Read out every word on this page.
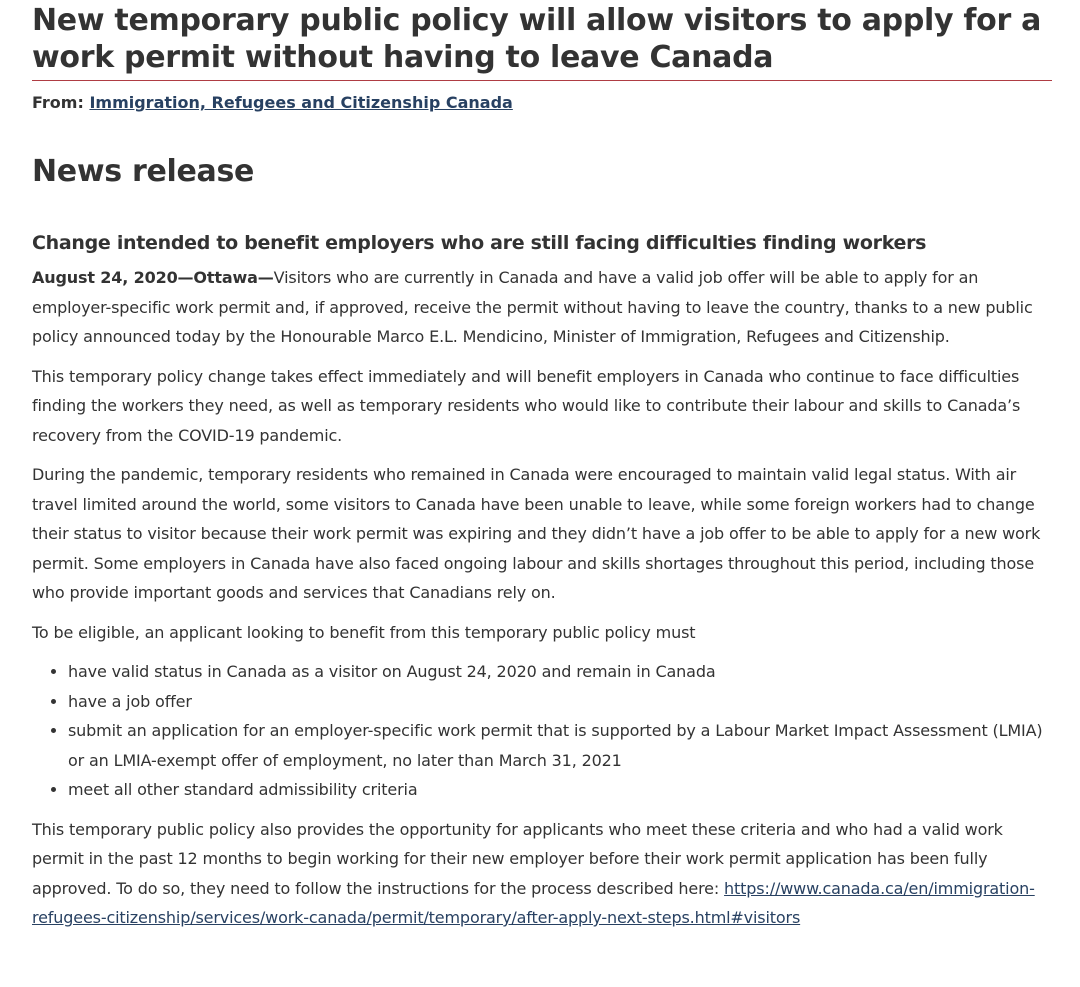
New temporary public policy will allow visitors to apply for a work permit without having to leave Canada
From: Immigration, Refugees and Citizenship Canada
News release
Change intended to benefit employers who are still facing difficulties finding workers

August 24, 2020—Ottawa—Visitors who are currently in Canada and have a valid job offer will be able to apply for an employer-specific work permit and, if approved, receive the permit without having to leave the country, thanks to a new public policy announced today by the Honourable Marco E.L. Mendicino, Minister of Immigration, Refugees and Citizenship.

This temporary policy change takes effect immediately and will benefit employers in Canada who continue to face difficulties finding the workers they need, as well as temporary residents who would like to contribute their labour and skills to Canada’s recovery from the COVID-19 pandemic.

During the pandemic, temporary residents who remained in Canada were encouraged to maintain valid legal status. With air travel limited around the world, some visitors to Canada have been unable to leave, while some foreign workers had to change their status to visitor because their work permit was expiring and they didn’t have a job offer to be able to apply for a new work permit. Some employers in Canada have also faced ongoing labour and skills shortages throughout this period, including those who provide important goods and services that Canadians rely on.

To be eligible, an applicant looking to benefit from this temporary public policy must

• have valid status in Canada as a visitor on August 24, 2020 and remain in Canada
• have a job offer
• submit an application for an employer-specific work permit that is supported by a Labour Market Impact Assessment (LMIA) or an LMIA-exempt offer of employment, no later than March 31, 2021
• meet all other standard admissibility criteria

This temporary public policy also provides the opportunity for applicants who meet these criteria and who had a valid work permit in the past 12 months to begin working for their new employer before their work permit application has been fully approved. To do so, they need to follow the instructions for the process described here: https://www.canada.ca/en/immigration-refugees-citizenship/services/work-canada/permit/temporary/after-apply-next-steps.html#visitors
